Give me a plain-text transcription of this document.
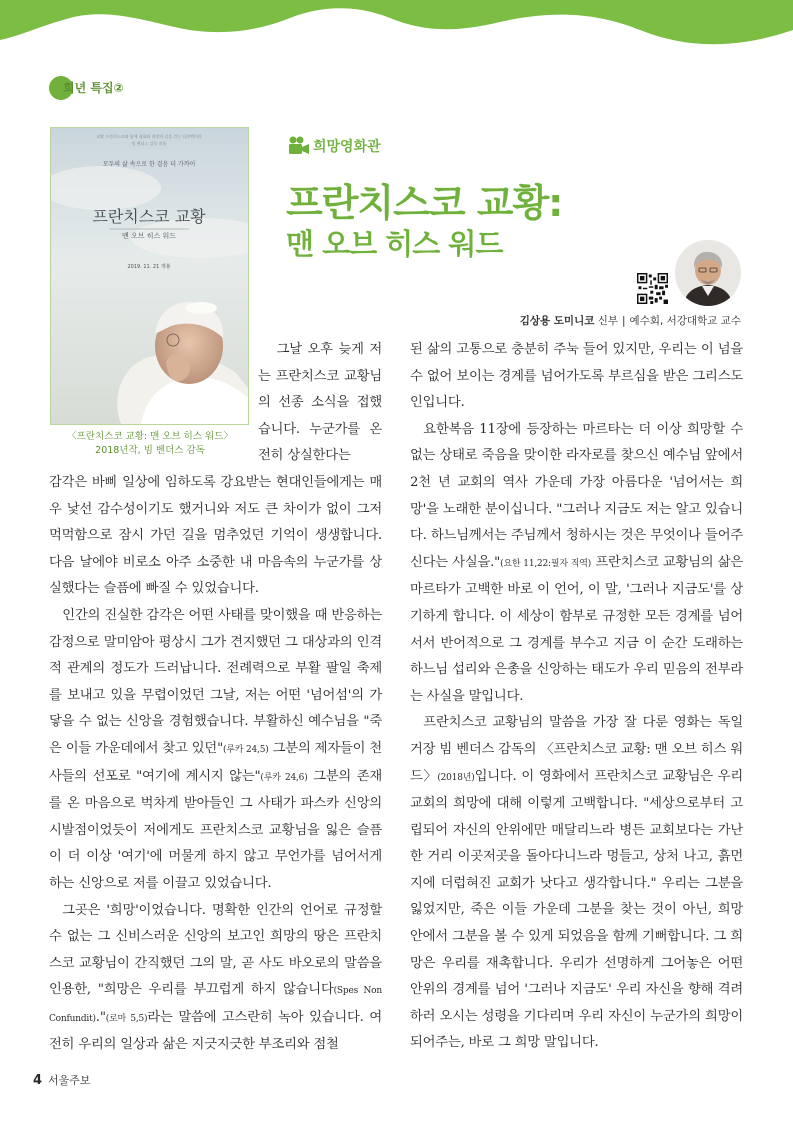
희년 특집②
교황 프란치스코와 함께 평화와 희망의 길을 걷는 다큐멘터리
빔 벤더스 감독 작품
모두의 삶 속으로 한 걸음 더 가까이
프란치스코 교황
맨 오브 히스 워드
2019. 11. 21 개봉
〈프란치스코 교황: 맨 오브 히스 워드〉
2018년작, 빔 벤더스 감독
희망영화관
프란치스코 교황:
맨 오브 히스 워드
김상용 도미니코 신부 | 예수회, 서강대학교 교수

그날 오후 늦게 저는 프란치스코 교황님의 선종 소식을 접했습니다. 누군가를 온전히 상실한다는

감각은 바삐 일상에 임하도록 강요받는 현대인들에게는 매우 낯선 감수성이기도 했거니와 저도 큰 차이가 없이 그저 먹먹함으로 잠시 가던 길을 멈추었던 기억이 생생합니다. 다음 날에야 비로소 아주 소중한 내 마음속의 누군가를 상실했다는 슬픔에 빠질 수 있었습니다.

인간의 진실한 감각은 어떤 사태를 맞이했을 때 반응하는 감정으로 말미암아 평상시 그가 견지했던 그 대상과의 인격적 관계의 정도가 드러납니다. 전례력으로 부활 팔일 축제를 보내고 있을 무렵이었던 그날, 저는 어떤 '넘어섬'의 가닿을 수 없는 신앙을 경험했습니다. 부활하신 예수님을 "죽은 이들 가운데에서 찾고 있던"(루카 24,5) 그분의 제자들이 천사들의 선포로 "여기에 계시지 않는"(루카 24,6) 그분의 존재를 온 마음으로 벅차게 받아들인 그 사태가 파스카 신앙의 시발점이었듯이 저에게도 프란치스코 교황님을 잃은 슬픔이 더 이상 '여기'에 머물게 하지 않고 무언가를 넘어서게 하는 신앙으로 저를 이끌고 있었습니다.

그곳은 '희망'이었습니다. 명확한 인간의 언어로 규정할 수 없는 그 신비스러운 신앙의 보고인 희망의 땅은 프란치스코 교황님이 간직했던 그의 말, 곧 사도 바오로의 말씀을 인용한, "희망은 우리를 부끄럽게 하지 않습니다(Spes Non Confundit)."(로마 5,5)라는 말씀에 고스란히 녹아 있습니다. 여전히 우리의 일상과 삶은 지긋지긋한 부조리와 점철

된 삶의 고통으로 충분히 주눅 들어 있지만, 우리는 이 넘을 수 없어 보이는 경계를 넘어가도록 부르심을 받은 그리스도인입니다.

요한복음 11장에 등장하는 마르타는 더 이상 희망할 수 없는 상태로 죽음을 맞이한 라자로를 찾으신 예수님 앞에서 2천 년 교회의 역사 가운데 가장 아름다운 '넘어서는 희망'을 노래한 분이십니다. "그러나 지금도 저는 알고 있습니다. 하느님께서는 주님께서 청하시는 것은 무엇이나 들어주신다는 사실을."(요한 11,22:필자 직역) 프란치스코 교황님의 삶은 마르타가 고백한 바로 이 언어, 이 말, '그러나 지금도'를 상기하게 합니다. 이 세상이 함부로 규정한 모든 경계를 넘어서서 반어적으로 그 경계를 부수고 지금 이 순간 도래하는 하느님 섭리와 은총을 신앙하는 태도가 우리 믿음의 전부라는 사실을 말입니다.

프란치스코 교황님의 말씀을 가장 잘 다룬 영화는 독일 거장 빔 벤더스 감독의 〈프란치스코 교황: 맨 오브 히스 워드〉(2018년)입니다. 이 영화에서 프란치스코 교황님은 우리 교회의 희망에 대해 이렇게 고백합니다. "세상으로부터 고립되어 자신의 안위에만 매달리느라 병든 교회보다는 가난한 거리 이곳저곳을 돌아다니느라 멍들고, 상처 나고, 흙먼지에 더럽혀진 교회가 낫다고 생각합니다." 우리는 그분을 잃었지만, 죽은 이들 가운데 그분을 찾는 것이 아닌, 희망 안에서 그분을 볼 수 있게 되었음을 함께 기뻐합니다. 그 희망은 우리를 재촉합니다. 우리가 선명하게 그어놓은 어떤 안위의 경계를 넘어 '그러나 지금도' 우리 자신을 향해 격려하러 오시는 성령을 기다리며 우리 자신이 누군가의 희망이 되어주는, 바로 그 희망 말입니다.

4 서울주보
